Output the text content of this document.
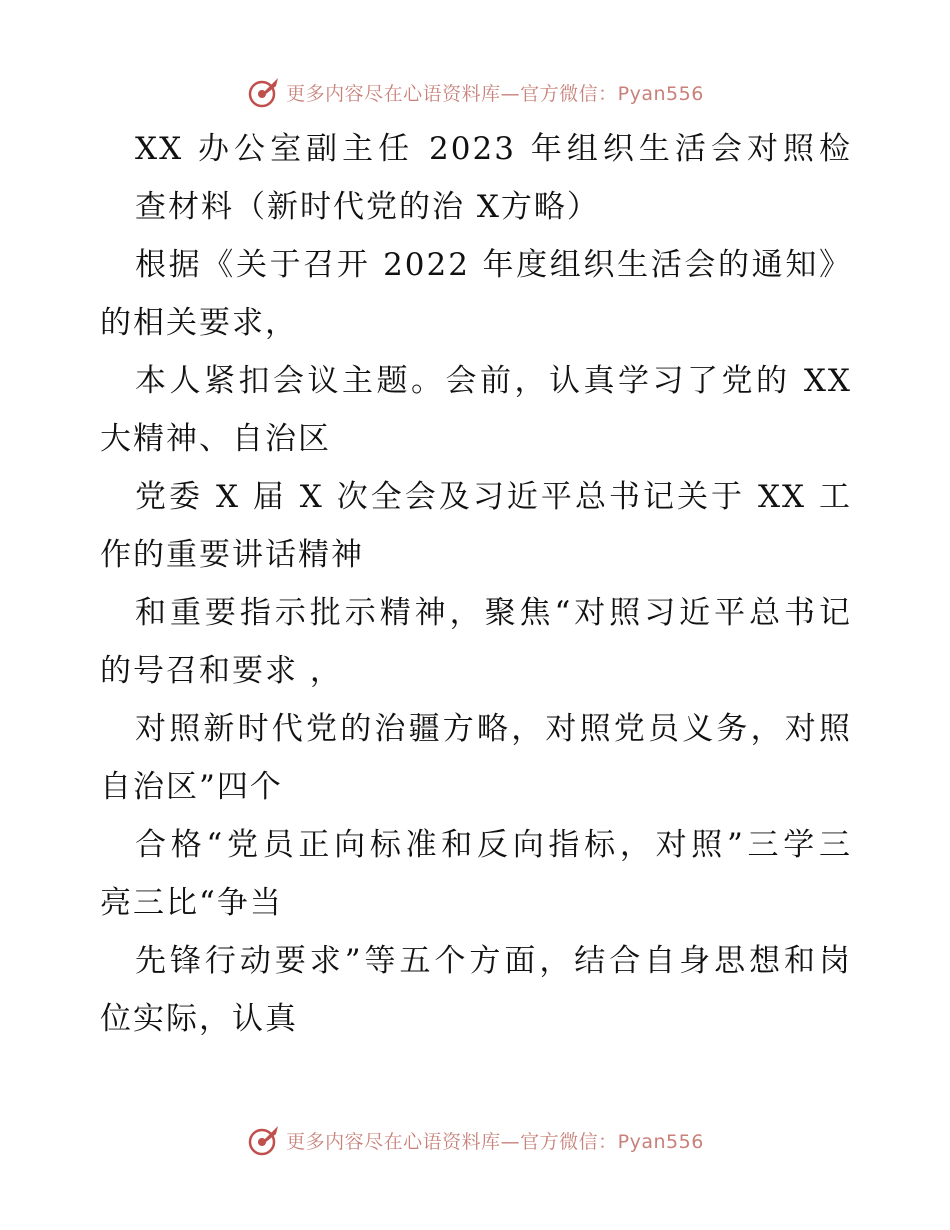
更多内容尽在心语资料库—官方微信：Pyan556
XX 办公室副主任 2023 年组织生活会对照检
查材料（新时代党的治 X方略）
根据《关于召开 2022 年度组织生活会的通知》
的相关要求，
本人紧扣会议主题。会前，认真学习了党的 XX
大精神、自治区
党委 X 届 X 次全会及习近平总书记关于 XX 工
作的重要讲话精神
和重要指示批示精神，聚焦“对照习近平总书记
的号召和要求 ，
对照新时代党的治疆方略，对照党员义务，对照
自治区”四个
合格“党员正向标准和反向指标，对照”三学三
亮三比“争当
先锋行动要求”等五个方面，结合自身思想和岗
位实际，认真
更多内容尽在心语资料库—官方微信：Pyan556
